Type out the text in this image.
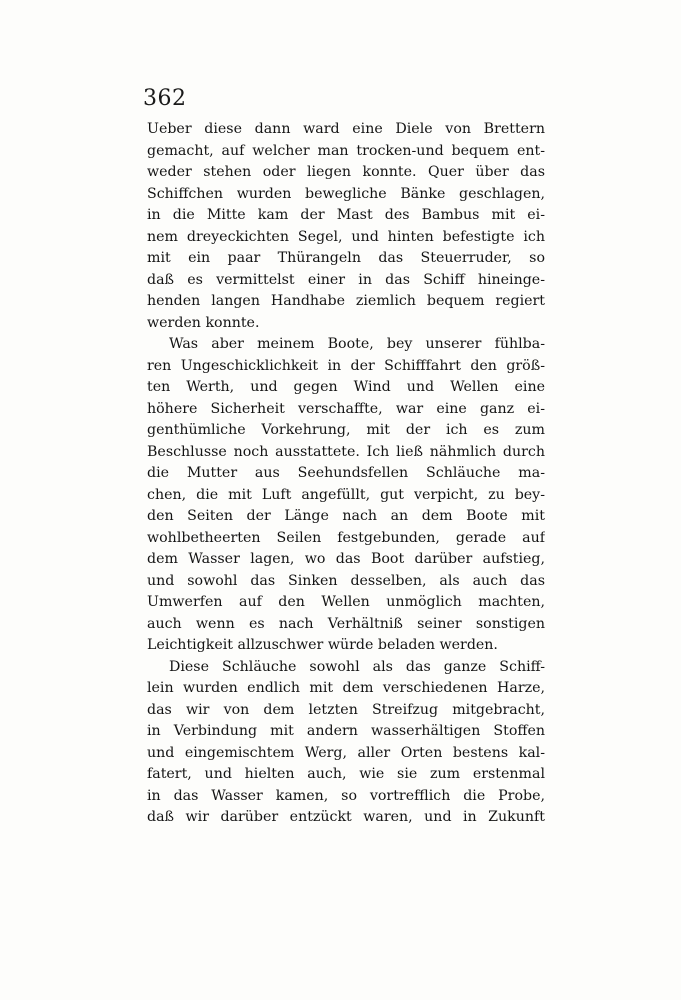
362
Ueber diese dann ward eine Diele von Brettern
gemacht, auf welcher man trocken-und bequem ent-
weder stehen oder liegen konnte. Quer über das
Schiffchen wurden bewegliche Bänke geschlagen,
in die Mitte kam der Mast des Bambus mit ei-
nem dreyeckichten Segel, und hinten befestigte ich
mit ein paar Thürangeln das Steuerruder, so
daß es vermittelst einer in das Schiff hineinge-
henden langen Handhabe ziemlich bequem regiert
werden konnte.
Was aber meinem Boote, bey unserer fühlba-
ren Ungeschicklichkeit in der Schifffahrt den größ-
ten Werth, und gegen Wind und Wellen eine
höhere Sicherheit verschaffte, war eine ganz ei-
genthümliche Vorkehrung, mit der ich es zum
Beschlusse noch ausstattete. Ich ließ nähmlich durch
die Mutter aus Seehundsfellen Schläuche ma-
chen, die mit Luft angefüllt, gut verpicht, zu bey-
den Seiten der Länge nach an dem Boote mit
wohlbetheerten Seilen festgebunden, gerade auf
dem Wasser lagen, wo das Boot darüber aufstieg,
und sowohl das Sinken desselben, als auch das
Umwerfen auf den Wellen unmöglich machten,
auch wenn es nach Verhältniß seiner sonstigen
Leichtigkeit allzuschwer würde beladen werden.
Diese Schläuche sowohl als das ganze Schiff-
lein wurden endlich mit dem verschiedenen Harze,
das wir von dem letzten Streifzug mitgebracht,
in Verbindung mit andern wasserhältigen Stoffen
und eingemischtem Werg, aller Orten bestens kal-
fatert, und hielten auch, wie sie zum erstenmal
in das Wasser kamen, so vortrefflich die Probe,
daß wir darüber entzückt waren, und in Zukunft
